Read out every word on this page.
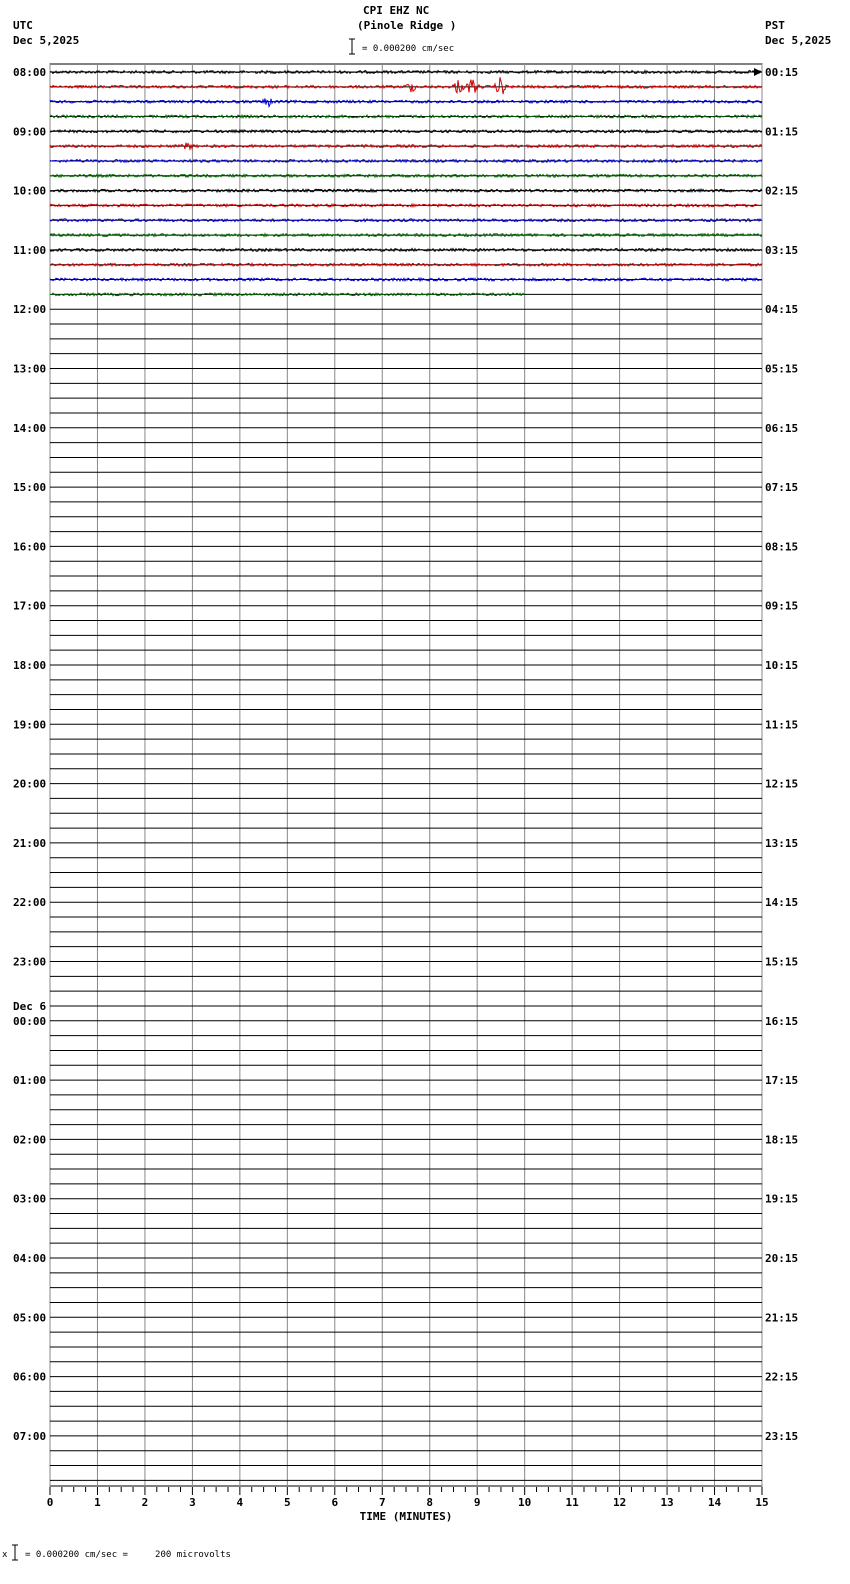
CPI EHZ NC
(Pinole Ridge )
UTC
Dec 5,2025
PST
Dec 5,2025
= 0.000200 cm/sec
x = 0.000200 cm/sec =     200 microvolts
0	1	2	3	4	5	6	7	8	9	10	11	12	13	14	15
TIME (MINUTES)
08:00
09:00
10:00
11:00
12:00
13:00
14:00
15:00
16:00
17:00
18:00
19:00
20:00
21:00
22:00
23:00
00:00
01:00
02:00
03:00
04:00
05:00
06:00
07:00
00:15
01:15
02:15
03:15
04:15
05:15
06:15
07:15
08:15
09:15
10:15
11:15
12:15
13:15
14:15
15:15
16:15
17:15
18:15
19:15
20:15
21:15
22:15
23:15
Dec 6
